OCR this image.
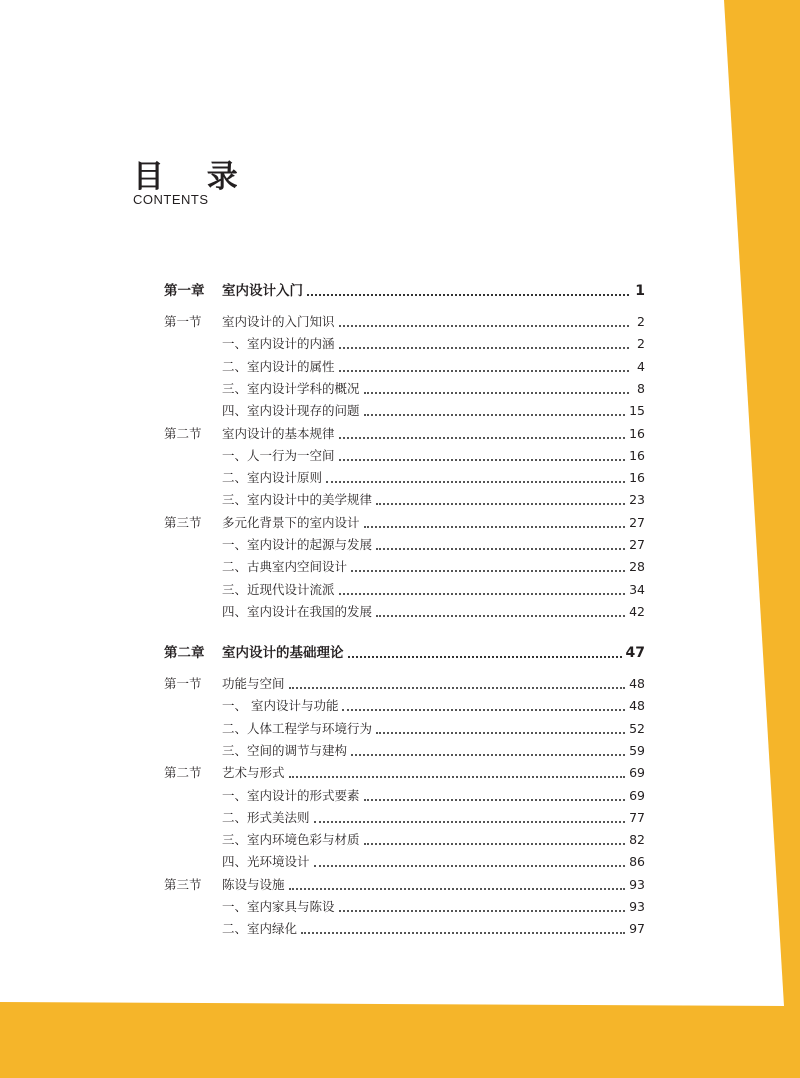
目 录
CONTENTS
第一章	室内设计入门	1
第一节	室内设计的入门知识	2
一、室内设计的内涵	2
二、室内设计的属性	4
三、室内设计学科的概况	8
四、室内设计现存的问题	15
第二节	室内设计的基本规律	16
一、人一行为一空间	16
二、室内设计原则	16
三、室内设计中的美学规律	23
第三节	多元化背景下的室内设计	27
一、室内设计的起源与发展	27
二、古典室内空间设计	28
三、近现代设计流派	34
四、室内设计在我国的发展	42
第二章	室内设计的基础理论	47
第一节	功能与空间	48
一、 室内设计与功能	48
二、人体工程学与环境行为	52
三、空间的调节与建构	59
第二节	艺术与形式	69
一、室内设计的形式要素	69
二、形式美法则	77
三、室内环境色彩与材质	82
四、光环境设计	86
第三节	陈设与设施	93
一、室内家具与陈设	93
二、室内绿化	97
